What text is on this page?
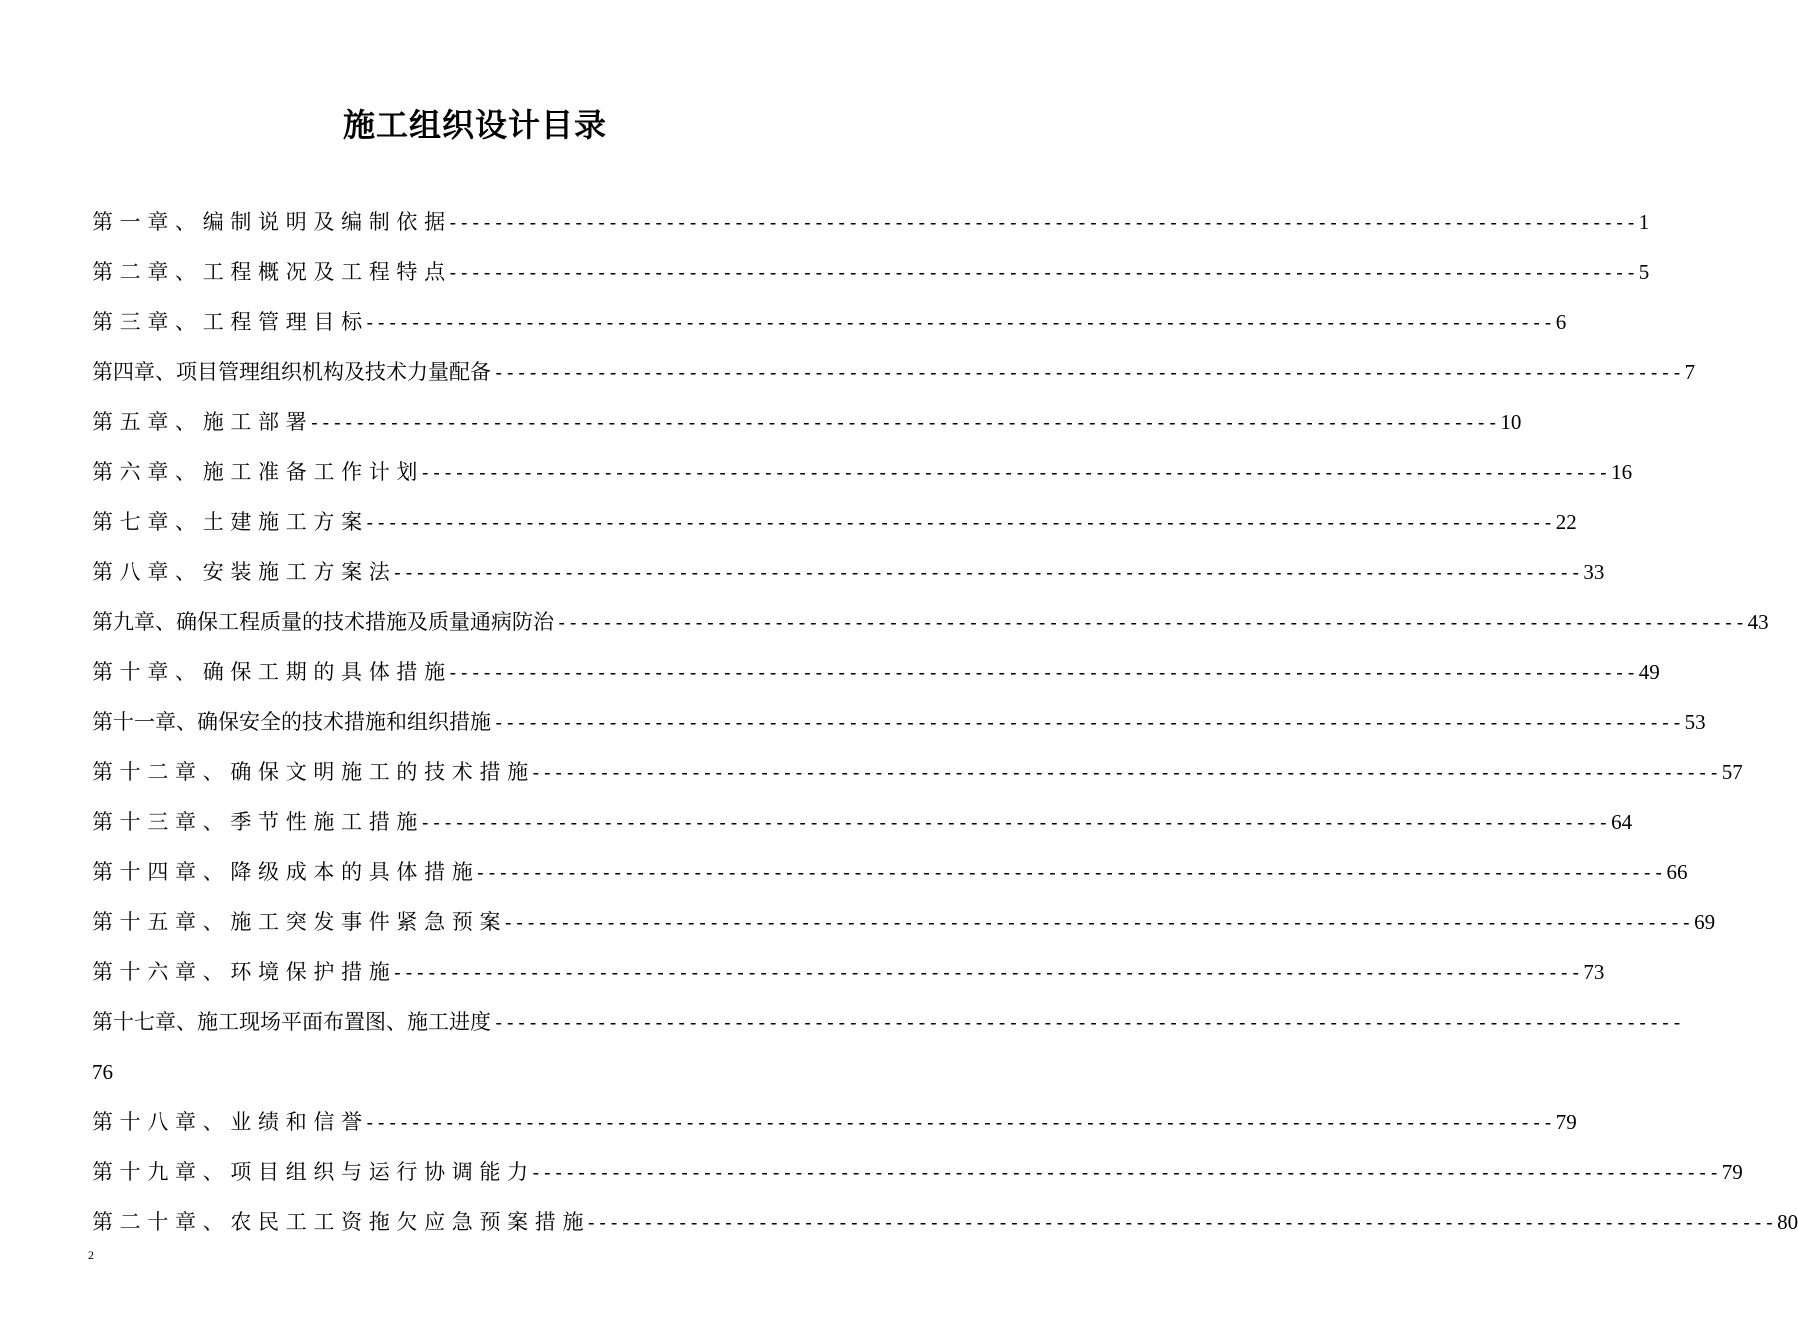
施工组织设计目录
第 一 章 、 编 制 说 明 及 编 制 依 据 -------------------------------------------------------------------------------------------------------- 1
第 二 章 、 工 程 概 况 及 工 程 特 点 -------------------------------------------------------------------------------------------------------- 5
第 三 章 、 工 程 管 理 目 标 -------------------------------------------------------------------------------------------------------- 6
第四章、项目管理组织机构及技术力量配备 -------------------------------------------------------------------------------------------------------- 7
第 五 章 、 施 工 部 署 -------------------------------------------------------------------------------------------------------- 10
第 六 章 、 施 工 准 备 工 作 计 划 -------------------------------------------------------------------------------------------------------- 16
第 七 章 、 土 建 施 工 方 案 -------------------------------------------------------------------------------------------------------- 22
第 八 章 、 安 装 施 工 方 案 法 -------------------------------------------------------------------------------------------------------- 33
第九章、确保工程质量的技术措施及质量通病防治 -------------------------------------------------------------------------------------------------------- 43
第 十 章 、 确 保 工 期 的 具 体 措 施 -------------------------------------------------------------------------------------------------------- 49
第十一章、确保安全的技术措施和组织措施 -------------------------------------------------------------------------------------------------------- 53
第 十 二 章 、 确 保 文 明 施 工 的 技 术 措 施 -------------------------------------------------------------------------------------------------------- 57
第 十 三 章 、 季 节 性 施 工 措 施 -------------------------------------------------------------------------------------------------------- 64
第 十 四 章 、 降 级 成 本 的 具 体 措 施 -------------------------------------------------------------------------------------------------------- 66
第 十 五 章 、 施 工 突 发 事 件 紧 急 预 案 -------------------------------------------------------------------------------------------------------- 69
第 十 六 章 、 环 境 保 护 措 施 -------------------------------------------------------------------------------------------------------- 73
第十七章、施工现场平面布置图、施工进度 --------------------------------------------------------------------------------------------------------
76
第 十 八 章 、 业 绩 和 信 誉 -------------------------------------------------------------------------------------------------------- 79
第 十 九 章 、 项 目 组 织 与 运 行 协 调 能 力 -------------------------------------------------------------------------------------------------------- 79
第 二 十 章 、 农 民 工 工 资 拖 欠 应 急 预 案 措 施 -------------------------------------------------------------------------------------------------------- 80
2
